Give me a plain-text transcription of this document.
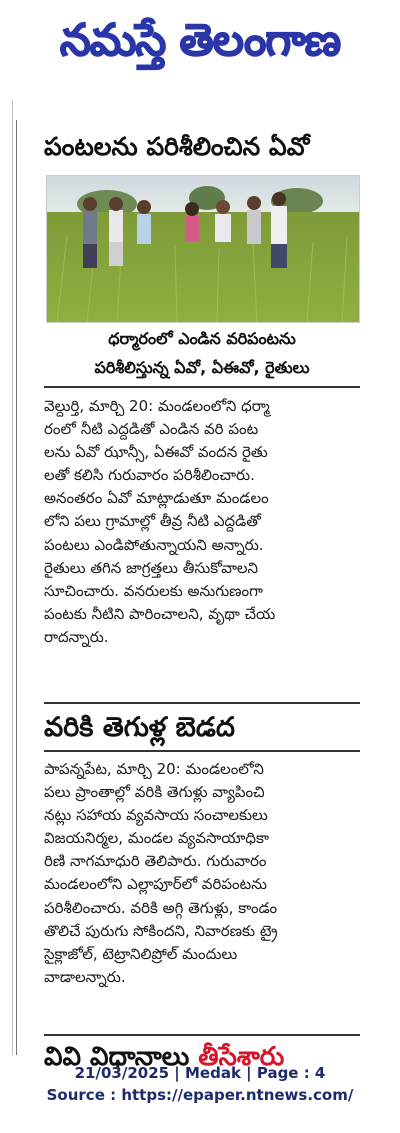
నమస్తే తెలంగాణ
పంటలను పరిశీలించిన ఏవో
ధర్మారంలో ఎండిన వరిపంటను
పరిశీలిస్తున్న ఏవో, ఏఈవో, రైతులు
వెల్దుర్తి, మార్చి 20: మండలంలోని ధర్మా
రంలో నీటి ఎద్దడితో ఎండిన వరి పంట
లను ఏవో ఝాన్సీ, ఏఈవో వందన రైతు
లతో కలిసి గురువారం పరిశీలించారు.
అనంతరం ఏవో మాట్లాడుతూ మండలం
లోని పలు గ్రామాల్లో తీవ్ర నీటి ఎద్దడితో
పంటలు ఎండిపోతున్నాయని అన్నారు.
రైతులు తగిన జాగ్రత్తలు తీసుకోవాలని
సూచించారు. వనరులకు అనుగుణంగా
పంటకు నీటిని పారించాలని, వృథా చేయ
రాదన్నారు.
వరికి తెగుళ్ల బెడద
పాపన్నపేట, మార్చి 20: మండలంలోని
పలు ప్రాంతాల్లో వరికి తెగుళ్లు వ్యాపించి
నట్లు సహాయ వ్యవసాయ సంచాలకులు
విజయనిర్మల, మండల వ్యవసాయాధికా
రిణి నాగమాధురి తెలిపారు. గురువారం
మండలంలోని ఎల్లాపూర్‌లో వరిపంటను
పరిశీలించారు. వరికి అగ్గి తెగుళ్లు, కాండం
తొలిచే పురుగు సోకిందని, నివారణకు ట్రై
సైక్లాజోల్, టెట్రానిలిప్రోల్ మందులు
వాడాలన్నారు.
వివి విధానాలు తీసేశారు
21/03/2025 | Medak | Page : 4
Source : https://epaper.ntnews.com/
